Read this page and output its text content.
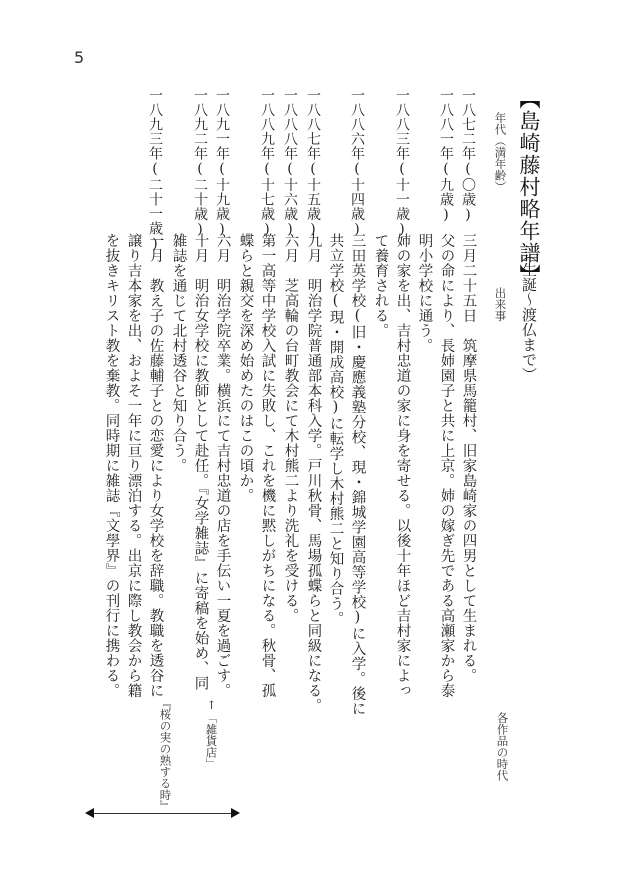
5
【島崎藤村略年譜】
（生誕～渡仏まで）
年代（満年齢）
出来事
各作品の時代
一八七二年(〇歳)
三月二十五日　筑摩県馬籠村、旧家島崎家の四男として生まれる。
一八八一年(九歳)
父の命により、長姉園子と共に上京。姉の嫁ぎ先である高瀬家から泰
明小学校に通う。
一八八三年(十一歳)
姉の家を出、吉村忠道の家に身を寄せる。以後十年ほど吉村家によっ
て養育される。
一八八六年(十四歳)
三田英学校(旧・慶應義塾分校、現・錦城学園高等学校)に入学。後に
共立学校(現・開成高校)に転学し木村熊二と知り合う。
一八八七年(十五歳)
九月　明治学院普通部本科入学。戸川秋骨、馬場孤蝶らと同級になる。
一八八八年(十六歳)
六月　芝高輪の台町教会にて木村熊二より洗礼を受ける。
一八八九年(十七歳)
第一高等中学校入試に失敗し、これを機に黙しがちになる。秋骨、孤
蝶らと親交を深め始めたのはこの頃か。
一八九一年(十九歳)
六月　明治学院卒業。横浜にて吉村忠道の店を手伝い一夏を過ごす。
一八九二年(二十歳)
十月　明治女学校に教師として赴任。『女学雑誌』に寄稿を始め、同
雑誌を通じて北村透谷と知り合う。
一八九三年(二十一歳)
一月　教え子の佐藤輔子との恋愛により女学校を辞職。教職を透谷に
譲り吉本家を出、およそ一年に亘り漂泊する。出京に際し教会から籍
を抜きキリスト教を棄教。同時期に雑誌『文學界』の刊行に携わる。
↑「雑貨店」
『桜の実の熟する時』
